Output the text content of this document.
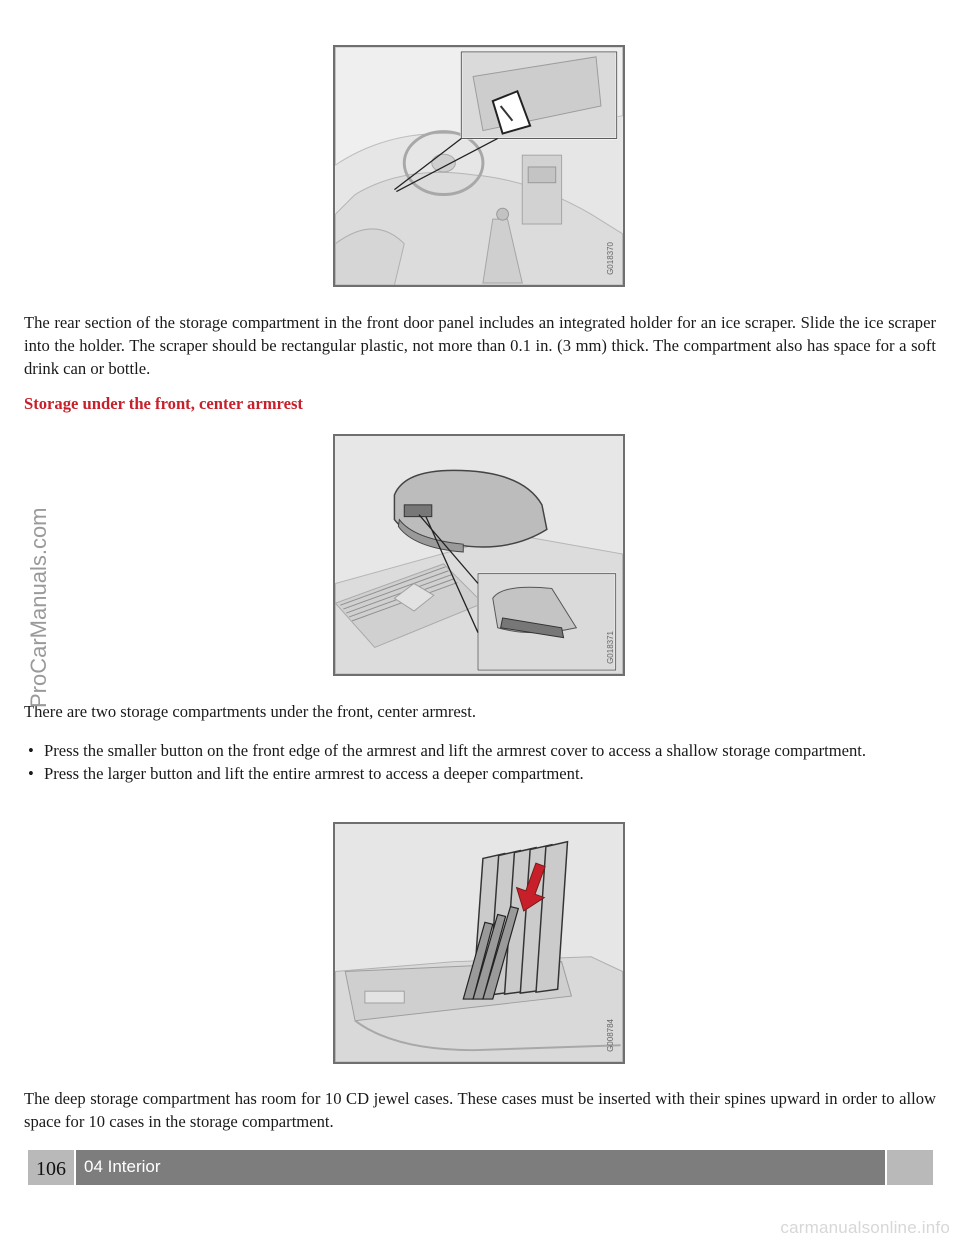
G018370

The rear section of the storage compartment in the front door panel includes an integrated holder for an ice scraper. Slide the ice scraper into the holder. The scraper should be rectangular plastic, not more than 0.1 in. (3 mm) thick. The compartment also has space for a soft drink can or bottle.

Storage under the front, center armrest
G018371

There are two storage compartments under the front, center armrest.

• Press the smaller button on the front edge of the armrest and lift the armrest cover to access a shallow storage compartment.
• Press the larger button and lift the entire armrest to access a deeper compartment.
G008784

The deep storage compartment has room for 10 CD jewel cases. These cases must be inserted with their spines upward in order to allow space for 10 cases in the storage compartment.

ProCarManuals.com
106	04 Interior
carmanualsonline.info
